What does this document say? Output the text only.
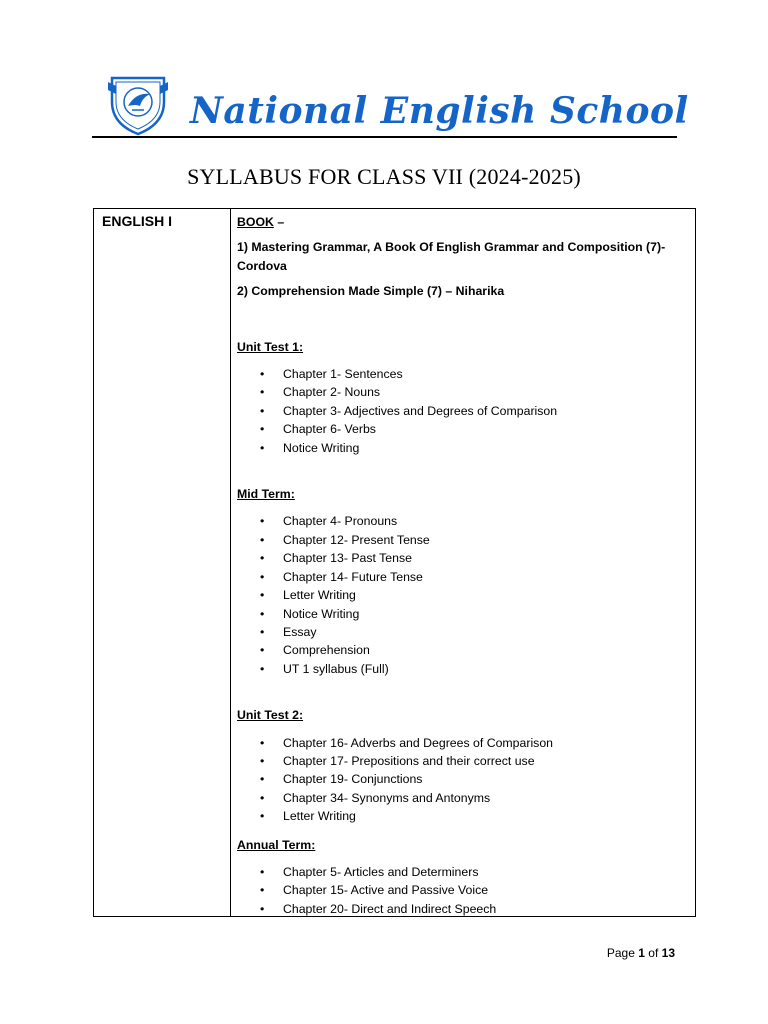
National English School
SYLLABUS FOR CLASS VII (2024-2025)
ENGLISH I	BOOK –
1) Mastering Grammar, A Book Of English Grammar and Composition (7)- Cordova
2) Comprehension Made Simple (7) – Niharika
Unit Test 1:
• Chapter 1- Sentences
• Chapter 2- Nouns
• Chapter 3- Adjectives and Degrees of Comparison
• Chapter 6- Verbs
• Notice Writing
Mid Term:
• Chapter 4- Pronouns
• Chapter 12- Present Tense
• Chapter 13- Past Tense
• Chapter 14- Future Tense
• Letter Writing
• Notice Writing
• Essay
• Comprehension
• UT 1 syllabus (Full)
Unit Test 2:
• Chapter 16- Adverbs and Degrees of Comparison
• Chapter 17- Prepositions and their correct use
• Chapter 19- Conjunctions
• Chapter 34- Synonyms and Antonyms
• Letter Writing
Annual Term:
• Chapter 5- Articles and Determiners
• Chapter 15- Active and Passive Voice
• Chapter 20- Direct and Indirect Speech
Page 1 of 13
